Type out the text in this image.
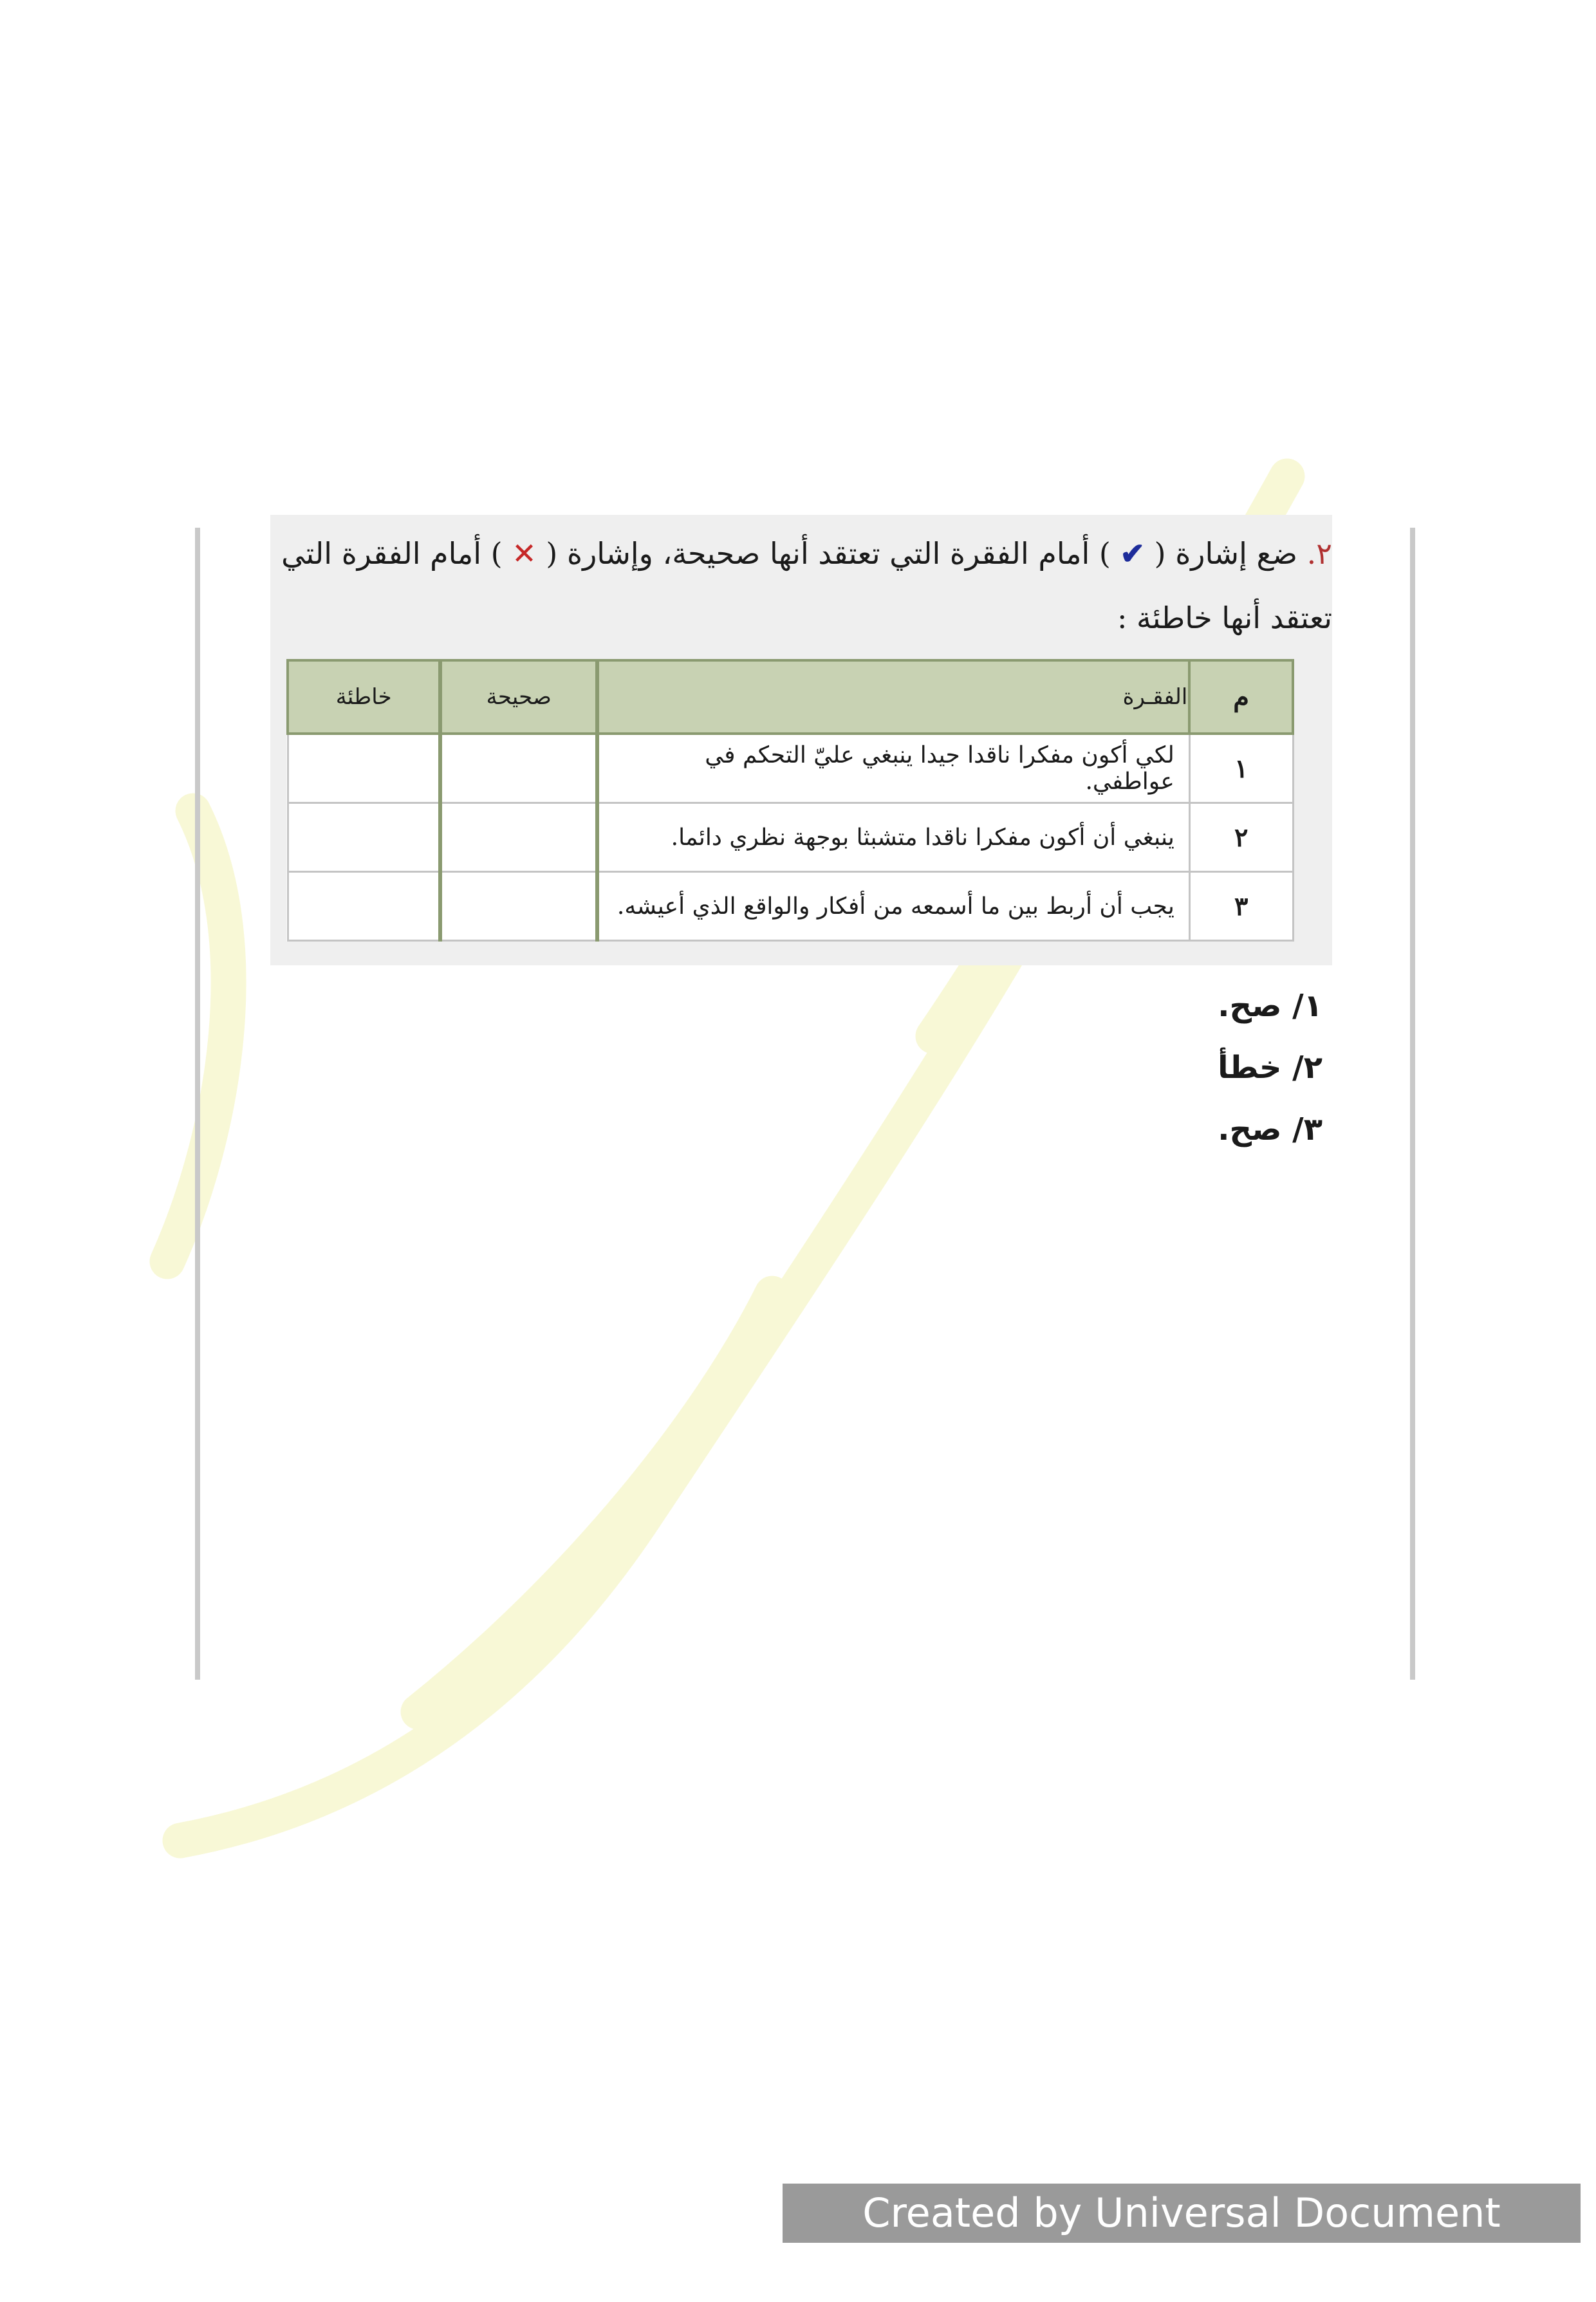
٢. ضع إشارة ( ✔ ) أمام الفقرة التي تعتقد أنها صحيحة، وإشارة ( ✕ ) أمام الفقرة التي تعتقد أنها خاطئة :
م	الفقـرة	صحيحة	خاطئة
١	لكي أكون مفكرا ناقدا جيدا ينبغي عليّ التحكم في عواطفي.		
٢	ينبغي أن أكون مفكرا ناقدا متشبثا بوجهة نظري دائما.		
٣	يجب أن أربط بين ما أسمعه من أفكار والواقع الذي أعيشه.		
١/ صح.
٢/ خطأ
٣/ صح.
Created by Universal Document Converter
